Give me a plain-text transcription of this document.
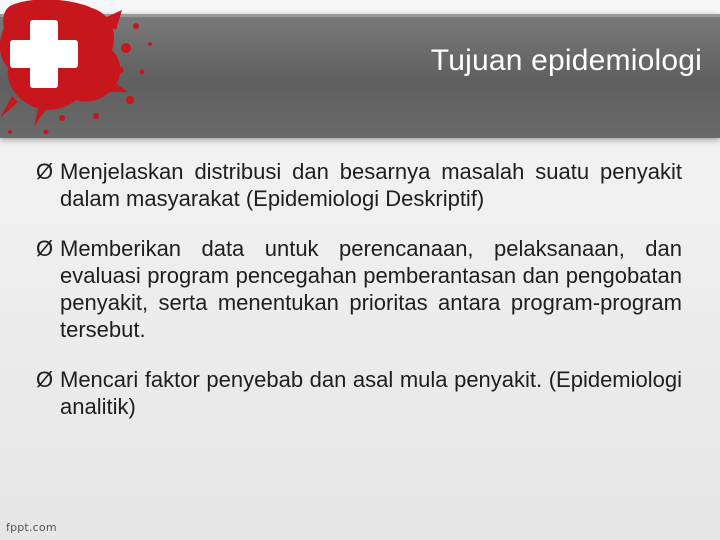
Tujuan epidemiologi
Ø Menjelaskan distribusi dan besarnya masalah suatu penyakit dalam masyarakat (Epidemiologi Deskriptif)
Ø Memberikan data untuk perencanaan, pelaksanaan, dan evaluasi program pencegahan pemberantasan dan pengobatan penyakit, serta menentukan prioritas antara program-program tersebut.
Ø Mencari faktor penyebab dan asal mula penyakit. (Epidemiologi analitik)
fppt.com
